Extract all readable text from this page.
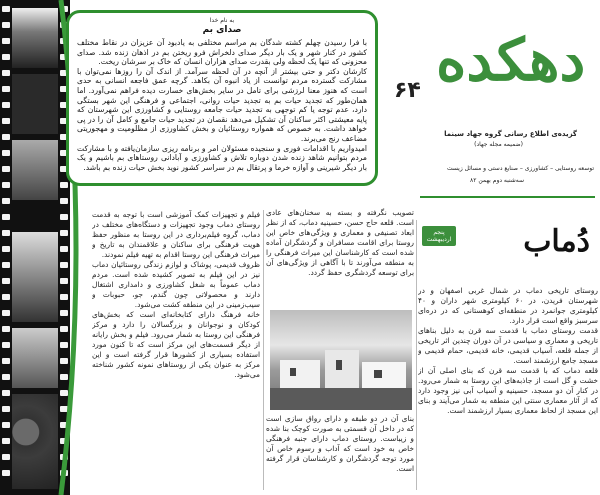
به نام خدا
صدای بم

با فرا رسیدن چهلم کشته شدگان بم مراسم مختلفی به یادبود آن عزیزان در نقاط مختلف کشور در کنار شهر و یک بار دیگر صدای دلخراش فرو ریختن بم در اذهان زنده شد. صدای محزونی که تنها یک لحظه ولی بقدرت صدای هزاران انسان که خاک بر سرشان ریخت.

کارشان دکتر و حتی بیشتر از آنچه در آن لحظه سرآمد. از اندک آن را روزها نمی‌توان با مشارکت گسترده مردم توانست از یاد انبوه آن بکاهد. گرچه عمق فاجعه انسانی به حدی است که هنوز معنا لرزشی برای تامل در سایر بخش‌های خسارت دیده فراهم نمی‌آورد. اما همان‌طور که تجدید حیات بم به تجدید حیات روانی، اجتماعی و فرهنگی این شهر بستگی دارد، عدم توجه یا کم توجهی به تجدید حیات جامعه روستایی و کشاورزی این شهرستان که پایه معیشتی اکثر ساکنان آن تشکیل می‌دهد نقصان در تجدید حیات جامع و کامل آن را در پی خواهد داشت. به خصوص که همواره روستائیان و بخش کشاورزی از مظلومیت و مهجوریتی مضاعف رنج می‌برند.

امیدواریم با اقدامات فوری و سنجیده مسئولان امر و برنامه ریزی سازمان‌یافته و با مشارکت مردم بتوانیم شاهد زنده شدن دوباره تلاش و کشاورزی و آبادانی روستاهای بم باشیم و یک بار دیگر شیرینی و آوازه خرما و پرتقال بم در سراسر کشور نوید بخش حیات زنده بم باشد.

۶۴ دهکده
گزیده‌ی اطلاع رسانی گروه جهاد سینما
(ضمیمه مجله جهاد)
توسعه روستایی – کشاورزی – صنایع دستی و مسائل زیست
سه‌شنبه دوم بهمن ۸۲
دُماب
پنجم اردیبهشت

روستای تاریخی دماب در شمال غربی اصفهان و در شهرستان فریدن، در ۶۰ کیلومتری شهر داران و ۴۰ کیلومتری جوانمرد در منطقه‌ای کوهستانی که در دره‌ای سرسبز واقع است قرار دارد.

قدمت روستای دماب با قدمت سه قرن به دلیل بناهای تاریخی و معماری و سیاسی در آن دوران چندین اثر تاریخی از جمله قلعه، آسیاب قدیمی، خانه قدیمی، حمام قدیمی و مسجد جامع ارزشمند است.

قلعه دماب که با قدمت سه قرن که بنای اصلی آن از خشت و گل است از جاذبه‌های این روستا به شمار می‌رود. در کنار آن دو مسجد، حسینیه و آسیاب آبی نیز وجود دارد که از آثار معماری سنتی این منطقه به شمار می‌آیند و بنای این مسجد از لحاظ معماری بسیار ارزشمند است.

تصویب نگرفته و بسته به سخنان‌های عادی است. قلعه حاج حسن، حسینیه دماب، که از نظر ابعاد تصنیفی و معماری و ویژگی‌های خاص این روستا برای اقامت مسافران و گردشگران آماده شده است که کارشناسان این میراث فرهنگی را به منطقه می‌آورند تا با آگاهی از ویژگی‌های آن برای توسعه گردشگری حفظ گردد.

بنای آن در دو طبقه و دارای رواق سازی است که در داخل آن قسمتی به صورت کوچک بنا شده و زیباست. روستای دماب دارای جنبه فرهنگی خاص به خود است که آداب و رسوم خاص آن مورد توجه گردشگران و کارشناسان قرار گرفته است.

فیلم و تجهیزات کمک آموزشی است با توجه به قدمت روستای دماب وجود تجهیزات و دستگاه‌های مختلف در دماب، گروه فیلم‌برداری در این روستا به منظور حفظ هویت فرهنگی برای ساکنان و علاقمندان به تاریخ و میراث فرهنگی این روستا اقدام به تهیه فیلم نمودند.

ظروف قدیمی، پوشاک و لوازم زندگی روستائیان دماب نیز در این فیلم به تصویر کشیده شده است. مردم دماب عموماً به شغل کشاورزی و دامداری اشتغال دارند و محصولاتی چون گندم، جو، حبوبات و سیب‌زمینی در این منطقه کشت می‌شود.

خانه فرهنگ دارای کتابخانه‌ای است که بخش‌های کودکان و نوجوانان و بزرگسالان را دارد و مرکز فرهنگی این روستا به شمار می‌رود. فیلم و بخش رایانه از دیگر قسمت‌های این مرکز است که تا کنون مورد استفاده بسیاری از کشورها قرار گرفته است و این مرکز به عنوان یکی از روستاهای نمونه کشور شناخته می‌شود.
